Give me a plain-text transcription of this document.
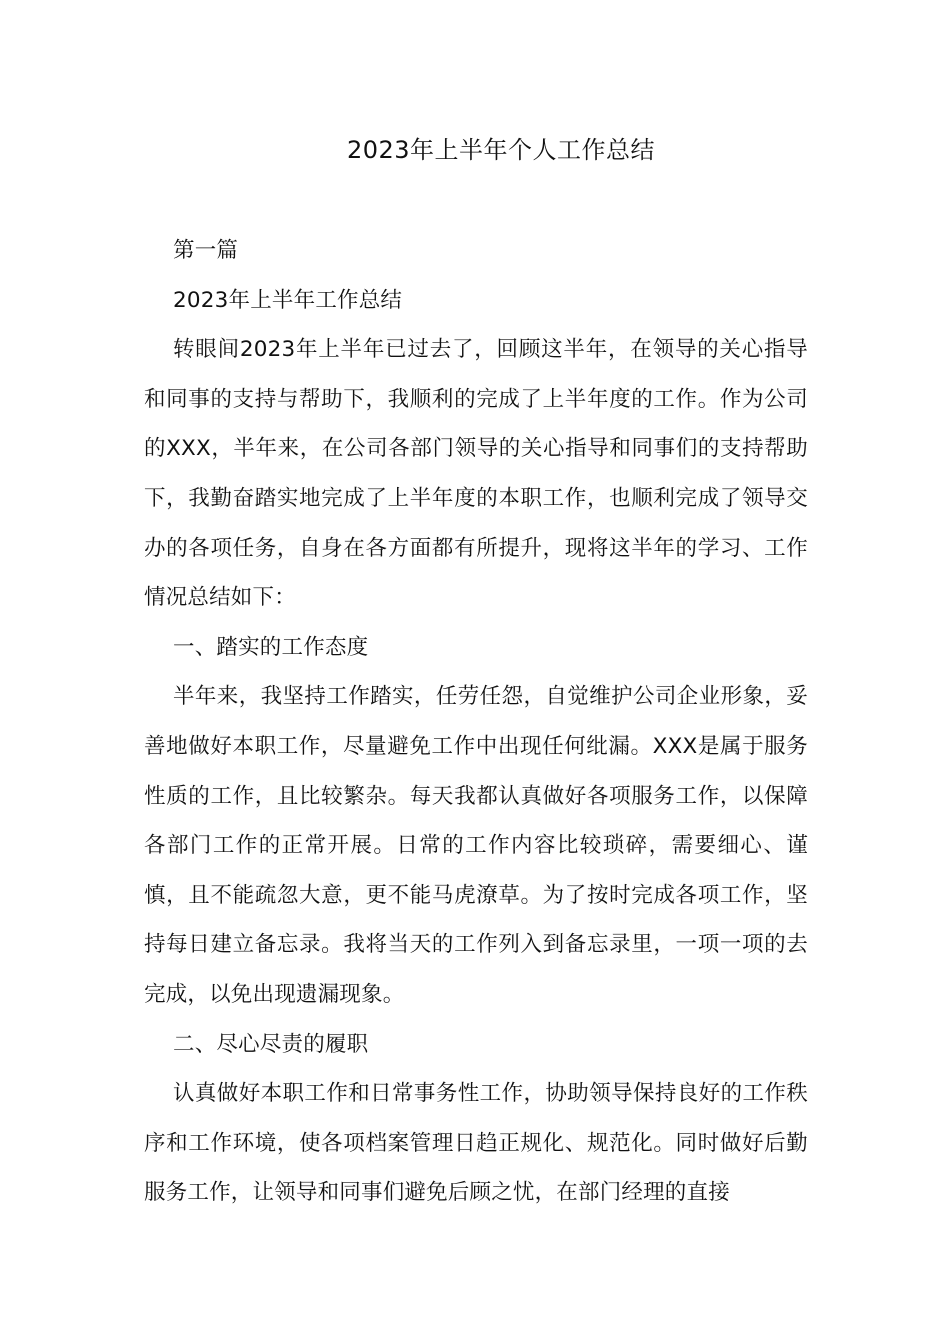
2023年上半年个人工作总结

第一篇

2023年上半年工作总结

转眼间2023年上半年已过去了，回顾这半年，在领导的关心指导和同事的支持与帮助下，我顺利的完成了上半年度的工作。作为公司的XXX，半年来，在公司各部门领导的关心指导和同事们的支持帮助下，我勤奋踏实地完成了上半年度的本职工作，也顺利完成了领导交办的各项任务，自身在各方面都有所提升，现将这半年的学习、工作情况总结如下：

一、踏实的工作态度

半年来，我坚持工作踏实，任劳任怨，自觉维护公司企业形象，妥善地做好本职工作，尽量避免工作中出现任何纰漏。XXX是属于服务性质的工作，且比较繁杂。每天我都认真做好各项服务工作，以保障各部门工作的正常开展。日常的工作内容比较琐碎，需要细心、谨慎，且不能疏忽大意，更不能马虎潦草。为了按时完成各项工作，坚持每日建立备忘录。我将当天的工作列入到备忘录里，一项一项的去完成，以免出现遗漏现象。

二、尽心尽责的履职

认真做好本职工作和日常事务性工作，协助领导保持良好的工作秩序和工作环境，使各项档案管理日趋正规化、规范化。同时做好后勤服务工作，让领导和同事们避免后顾之忧，在部门经理的直接
